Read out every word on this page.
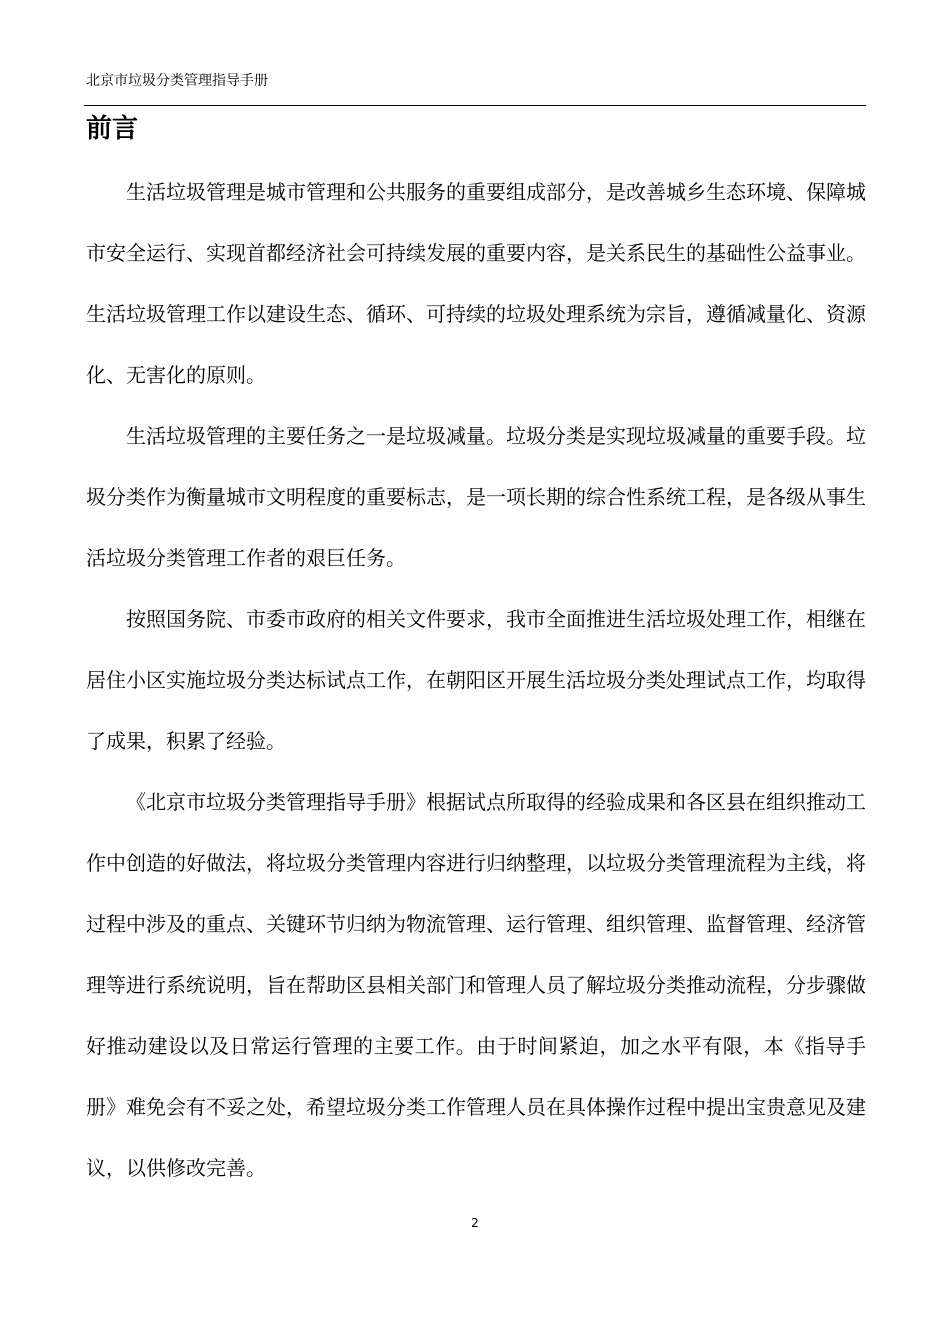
北京市垃圾分类管理指导手册
前言

生活垃圾管理是城市管理和公共服务的重要组成部分，是改善城乡生态环境、保障城市安全运行、实现首都经济社会可持续发展的重要内容，是关系民生的基础性公益事业。生活垃圾管理工作以建设生态、循环、可持续的垃圾处理系统为宗旨，遵循减量化、资源化、无害化的原则。

生活垃圾管理的主要任务之一是垃圾减量。垃圾分类是实现垃圾减量的重要手段。垃圾分类作为衡量城市文明程度的重要标志，是一项长期的综合性系统工程，是各级从事生活垃圾分类管理工作者的艰巨任务。

按照国务院、市委市政府的相关文件要求，我市全面推进生活垃圾处理工作，相继在居住小区实施垃圾分类达标试点工作，在朝阳区开展生活垃圾分类处理试点工作，均取得了成果，积累了经验。

《北京市垃圾分类管理指导手册》根据试点所取得的经验成果和各区县在组织推动工作中创造的好做法，将垃圾分类管理内容进行归纳整理，以垃圾分类管理流程为主线，将过程中涉及的重点、关键环节归纳为物流管理、运行管理、组织管理、监督管理、经济管理等进行系统说明，旨在帮助区县相关部门和管理人员了解垃圾分类推动流程，分步骤做好推动建设以及日常运行管理的主要工作。由于时间紧迫，加之水平有限，本《指导手册》难免会有不妥之处，希望垃圾分类工作管理人员在具体操作过程中提出宝贵意见及建议，以供修改完善。

2
